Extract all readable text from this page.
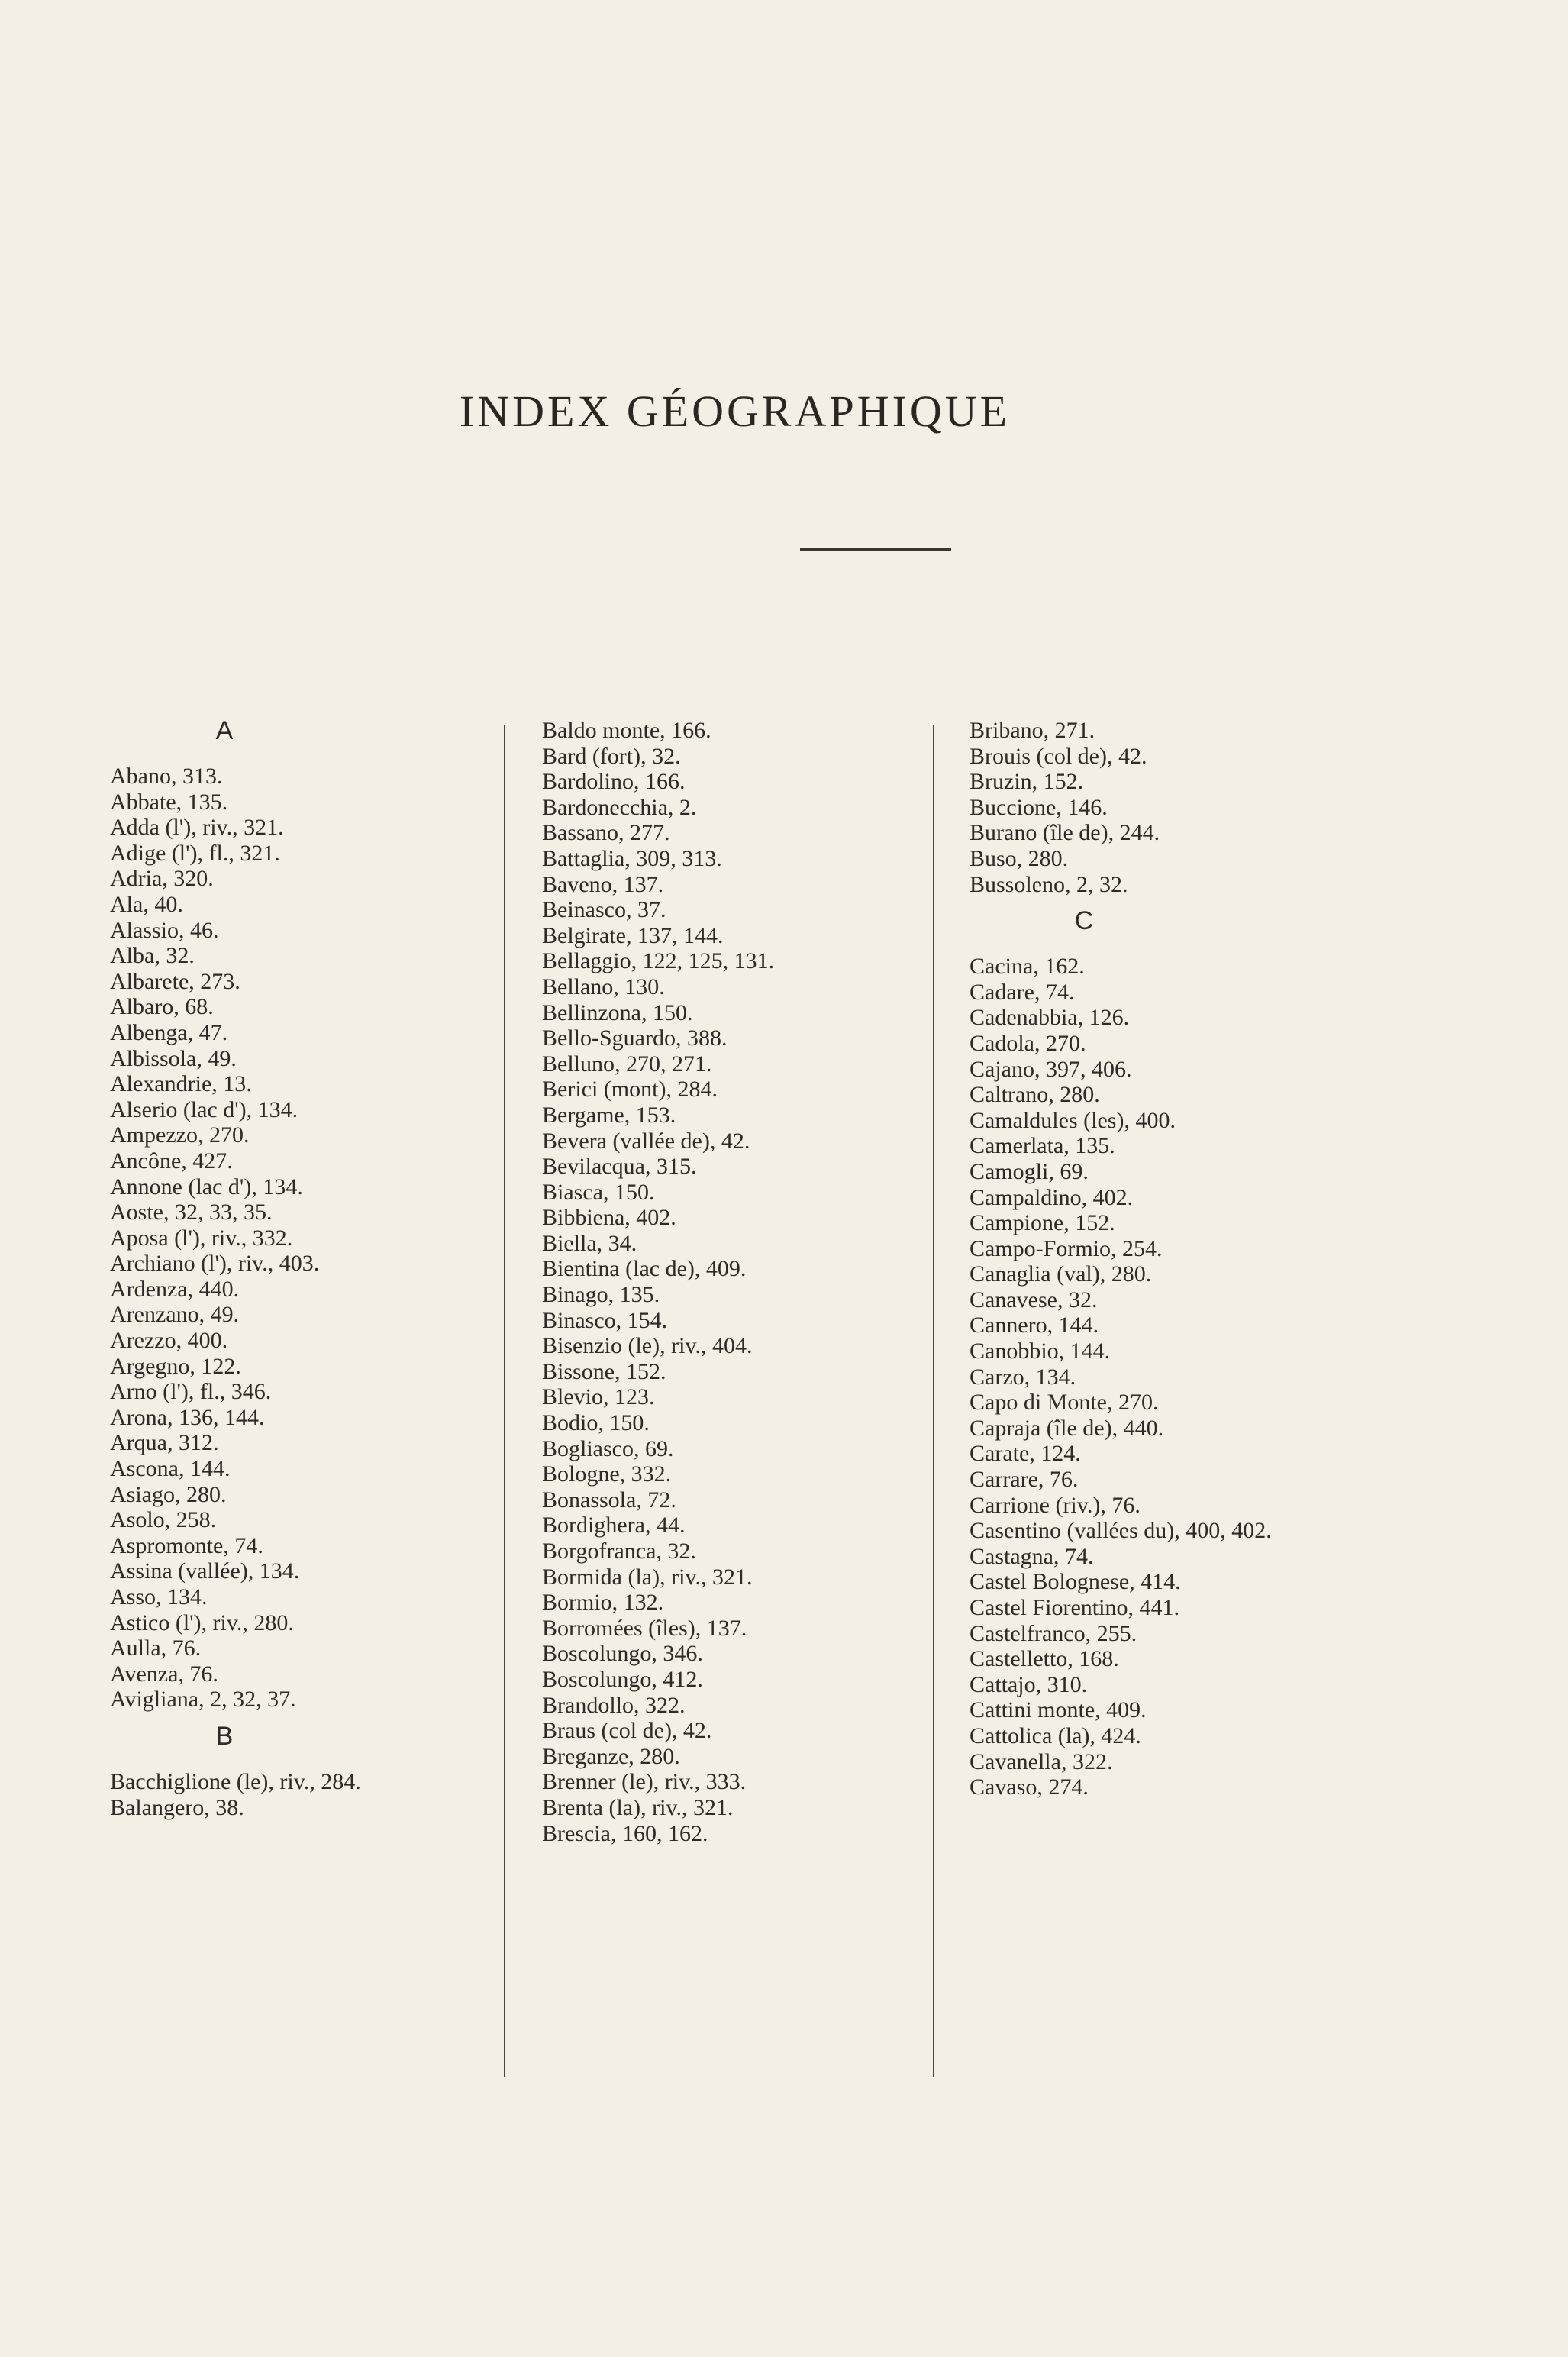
INDEX GÉOGRAPHIQUE
A
Abano, 313.
Abbate, 135.
Adda (l'), riv., 321.
Adige (l'), fl., 321.
Adria, 320.
Ala, 40.
Alassio, 46.
Alba, 32.
Albarete, 273.
Albaro, 68.
Albenga, 47.
Albissola, 49.
Alexandrie, 13.
Alserio (lac d'), 134.
Ampezzo, 270.
Ancône, 427.
Annone (lac d'), 134.
Aoste, 32, 33, 35.
Aposa (l'), riv., 332.
Archiano (l'), riv., 403.
Ardenza, 440.
Arenzano, 49.
Arezzo, 400.
Argegno, 122.
Arno (l'), fl., 346.
Arona, 136, 144.
Arqua, 312.
Ascona, 144.
Asiago, 280.
Asolo, 258.
Aspromonte, 74.
Assina (vallée), 134.
Asso, 134.
Astico (l'), riv., 280.
Aulla, 76.
Avenza, 76.
Avigliana, 2, 32, 37.
B
Bacchiglione (le), riv., 284.
Balangero, 38.
Baldo monte, 166.
Bard (fort), 32.
Bardolino, 166.
Bardonecchia, 2.
Bassano, 277.
Battaglia, 309, 313.
Baveno, 137.
Beinasco, 37.
Belgirate, 137, 144.
Bellaggio, 122, 125, 131.
Bellano, 130.
Bellinzona, 150.
Bello-Sguardo, 388.
Belluno, 270, 271.
Berici (mont), 284.
Bergame, 153.
Bevera (vallée de), 42.
Bevilacqua, 315.
Biasca, 150.
Bibbiena, 402.
Biella, 34.
Bientina (lac de), 409.
Binago, 135.
Binasco, 154.
Bisenzio (le), riv., 404.
Bissone, 152.
Blevio, 123.
Bodio, 150.
Bogliasco, 69.
Bologne, 332.
Bonassola, 72.
Bordighera, 44.
Borgofranca, 32.
Bormida (la), riv., 321.
Bormio, 132.
Borromées (îles), 137.
Boscolungo, 346.
Boscolungo, 412.
Brandollo, 322.
Braus (col de), 42.
Breganze, 280.
Brenner (le), riv., 333.
Brenta (la), riv., 321.
Brescia, 160, 162.
Bribano, 271.
Brouis (col de), 42.
Bruzin, 152.
Buccione, 146.
Burano (île de), 244.
Buso, 280.
Bussoleno, 2, 32.
C
Cacina, 162.
Cadare, 74.
Cadenabbia, 126.
Cadola, 270.
Cajano, 397, 406.
Caltrano, 280.
Camaldules (les), 400.
Camerlata, 135.
Camogli, 69.
Campaldino, 402.
Campione, 152.
Campo-Formio, 254.
Canaglia (val), 280.
Canavese, 32.
Cannero, 144.
Canobbio, 144.
Carzo, 134.
Capo di Monte, 270.
Capraja (île de), 440.
Carate, 124.
Carrare, 76.
Carrione (riv.), 76.
Casentino (vallées du), 400, 402.
Castagna, 74.
Castel Bolognese, 414.
Castel Fiorentino, 441.
Castelfranco, 255.
Castelletto, 168.
Cattajo, 310.
Cattini monte, 409.
Cattolica (la), 424.
Cavanella, 322.
Cavaso, 274.
